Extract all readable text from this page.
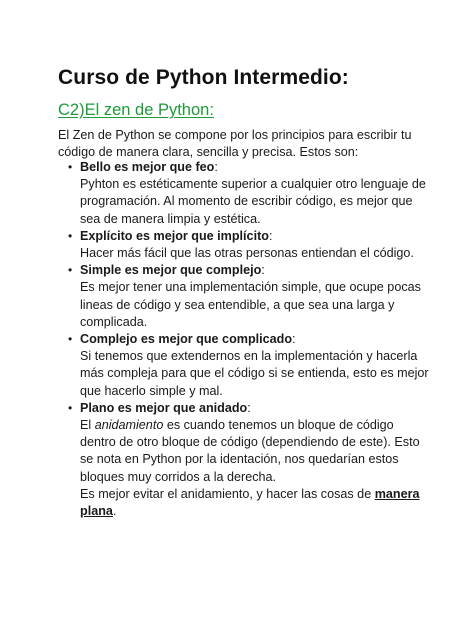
Curso de Python Intermedio:
C2)El zen de Python:
El Zen de Python se compone por los principios para escribir tu
código de manera clara, sencilla y precisa. Estos son:
• Bello es mejor que feo:
Pyhton es estéticamente superior a cualquier otro lenguaje de
programación. Al momento de escribir código, es mejor que
sea de manera limpia y estética.
• Explícito es mejor que implícito:
Hacer más fácil que las otras personas entiendan el código.
• Simple es mejor que complejo:
Es mejor tener una implementación simple, que ocupe pocas
lineas de código y sea entendible, a que sea una larga y
complicada.
• Complejo es mejor que complicado:
Si tenemos que extendernos en la implementación y hacerla
más compleja para que el código si se entienda, esto es mejor
que hacerlo simple y mal.
• Plano es mejor que anidado:
El anidamiento es cuando tenemos un bloque de código
dentro de otro bloque de código (dependiendo de este). Esto
se nota en Python por la identación, nos quedarían estos
bloques muy corridos a la derecha.
Es mejor evitar el anidamiento, y hacer las cosas de manera
plana.
